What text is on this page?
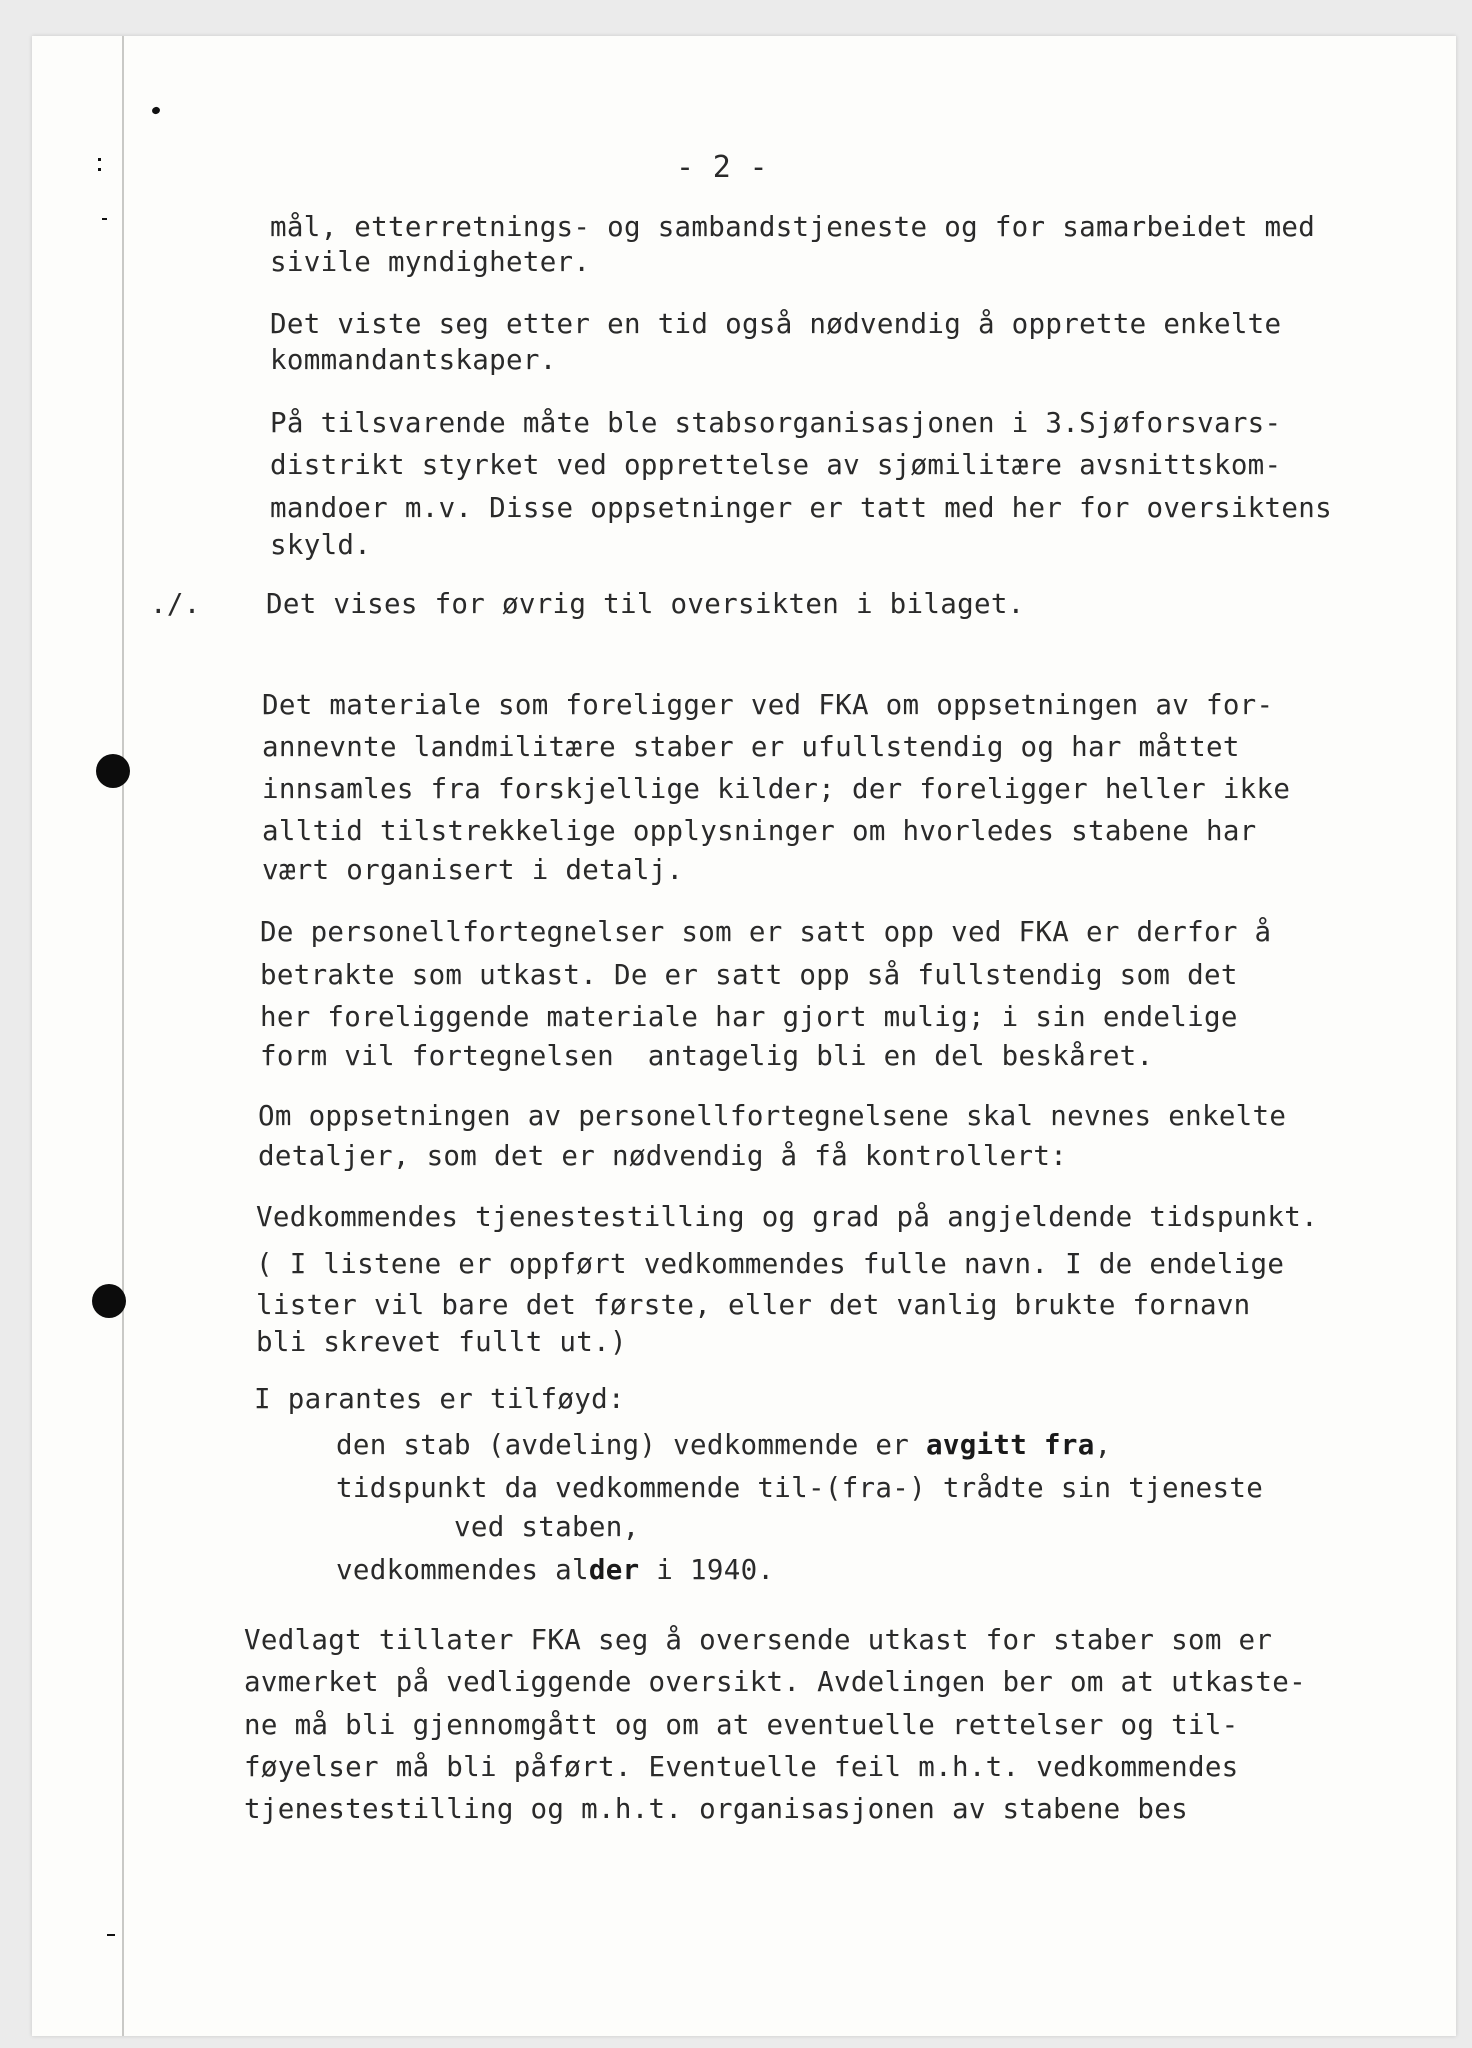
- 2 -

mål, etterretnings- og sambandstjeneste og for samarbeidet med

sivile myndigheter.

Det viste seg etter en tid også nødvendig å opprette enkelte

kommandantskaper.

På tilsvarende måte ble stabsorganisasjonen i 3.Sjøforsvars-

distrikt styrket ved opprettelse av sjømilitære avsnittskom-

mandoer m.v. Disse oppsetninger er tatt med her for oversiktens

skyld.

./. Det vises for øvrig til oversikten i bilaget.

Det materiale som foreligger ved FKA om oppsetningen av for-

annevnte landmilitære staber er ufullstendig og har måttet

innsamles fra forskjellige kilder; der foreligger heller ikke

alltid tilstrekkelige opplysninger om hvorledes stabene har

vært organisert i detalj.

De personellfortegnelser som er satt opp ved FKA er derfor å

betrakte som utkast. De er satt opp så fullstendig som det

her foreliggende materiale har gjort mulig; i sin endelige

form vil fortegnelsen  antagelig bli en del beskåret.

Om oppsetningen av personellfortegnelsene skal nevnes enkelte

detaljer, som det er nødvendig å få kontrollert:

Vedkommendes tjenestestilling og grad på angjeldende tidspunkt.

( I listene er oppført vedkommendes fulle navn. I de endelige

lister vil bare det første, eller det vanlig brukte fornavn

bli skrevet fullt ut.)

I parantes er tilføyd:

den stab (avdeling) vedkommende er avgitt fra,

tidspunkt da vedkommende til-(fra-) trådte sin tjeneste

ved staben,

vedkommendes alder i 1940.

Vedlagt tillater FKA seg å oversende utkast for staber som er

avmerket på vedliggende oversikt. Avdelingen ber om at utkaste-

ne må bli gjennomgått og om at eventuelle rettelser og til-

føyelser må bli påført. Eventuelle feil m.h.t. vedkommendes

tjenestestilling og m.h.t. organisasjonen av stabene bes
